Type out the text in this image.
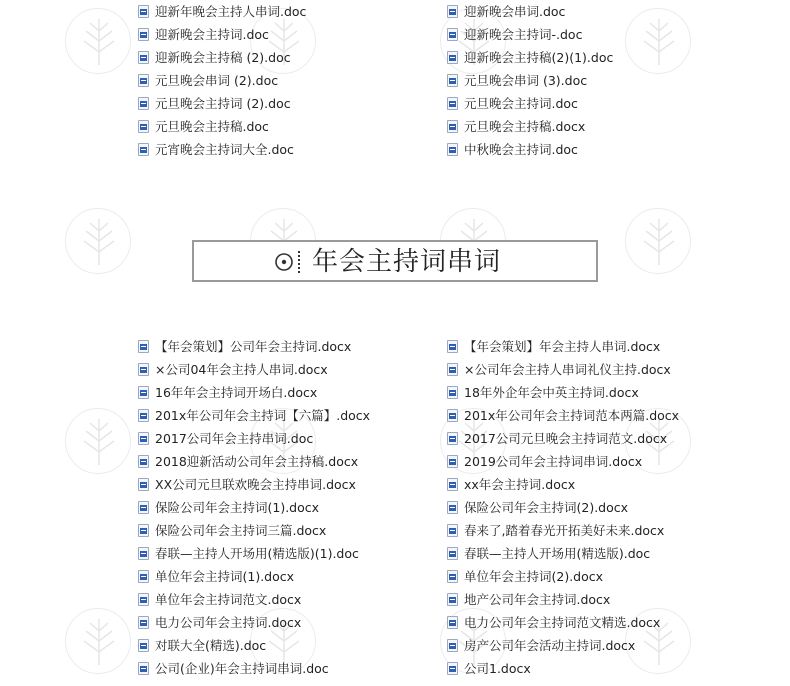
迎新年晚会主持人串词.doc
迎新晚会主持词.doc
迎新晚会主持稿 (2).doc
元旦晚会串词 (2).doc
元旦晚会主持词 (2).doc
元旦晚会主持稿.doc
元宵晚会主持词大全.doc
迎新晚会串词.doc
迎新晚会主持词-.doc
迎新晚会主持稿(2)(1).doc
元旦晚会串词 (3).doc
元旦晚会主持词.doc
元旦晚会主持稿.docx
中秋晚会主持词.doc
年会主持词串词
【年会策划】公司年会主持词.docx
×公司04年会主持人串词.docx
16年年会主持词开场白.docx
201x年公司年会主持词【六篇】.docx
2017公司年会主持串词.doc
2018迎新活动公司年会主持稿.docx
XX公司元旦联欢晚会主持串词.docx
保险公司年会主持词(1).docx
保险公司年会主持词三篇.docx
春联—主持人开场用(精选版)(1).doc
单位年会主持词(1).docx
单位年会主持词范文.docx
电力公司年会主持词.docx
对联大全(精选).doc
公司(企业)年会主持词串词.doc
【年会策划】年会主持人串词.docx
×公司年会主持人串词礼仪主持.docx
18年外企年会中英主持词.docx
201x年公司年会主持词范本两篇.docx
2017公司元旦晚会主持词范文.docx
2019公司年会主持词串词.docx
xx年会主持词.docx
保险公司年会主持词(2).docx
春来了,踏着春光开拓美好未来.docx
春联—主持人开场用(精选版).doc
单位年会主持词(2).docx
地产公司年会主持词.docx
电力公司年会主持词范文精选.docx
房产公司年会活动主持词.docx
公司1.docx
